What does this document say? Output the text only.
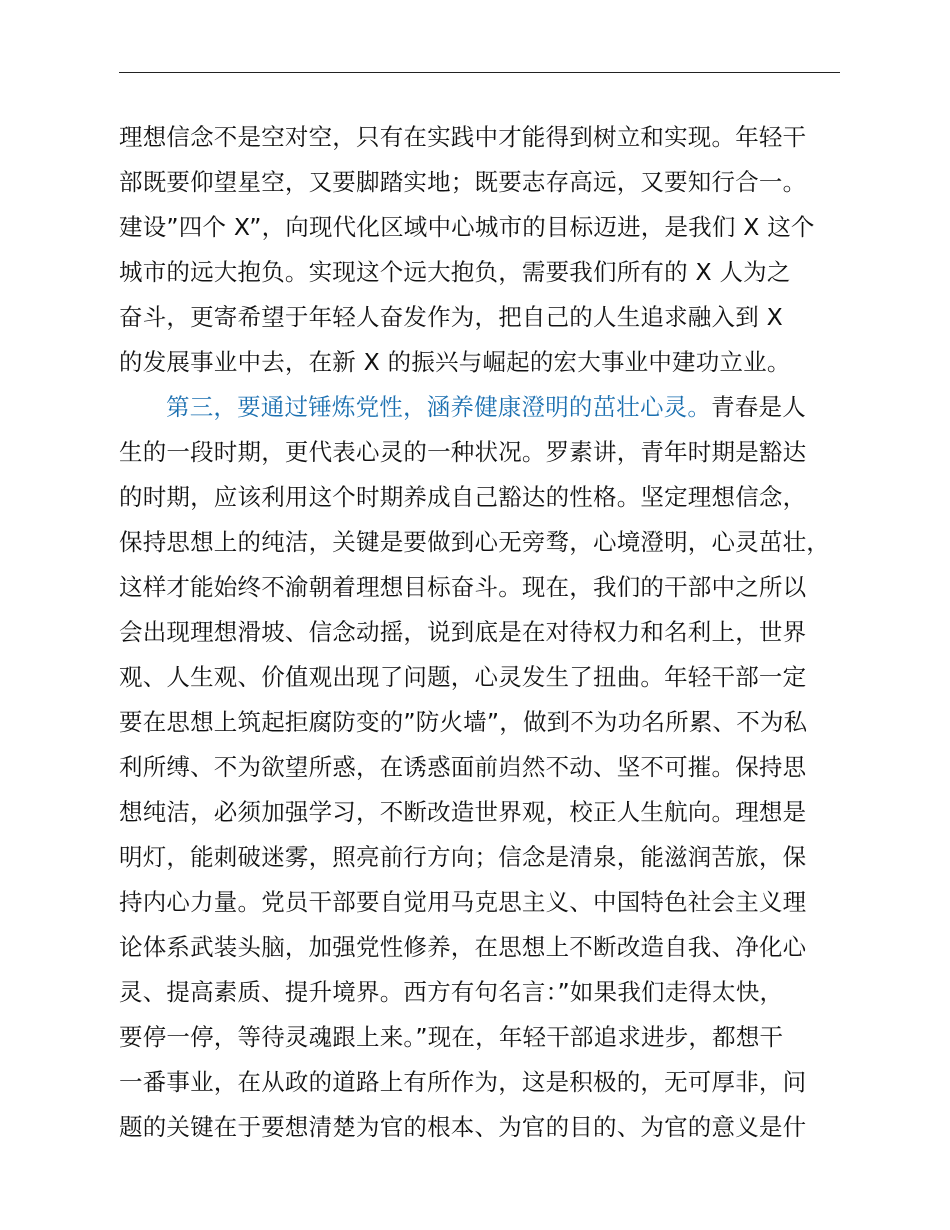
理想信念不是空对空，只有在实践中才能得到树立和实现。年轻干
部既要仰望星空，又要脚踏实地；既要志存高远，又要知行合一。
建设”四个 X”，向现代化区域中心城市的目标迈进，是我们 X 这个
城市的远大抱负。实现这个远大抱负，需要我们所有的 X 人为之
奋斗，更寄希望于年轻人奋发作为，把自己的人生追求融入到 X
的发展事业中去，在新 X 的振兴与崛起的宏大事业中建功立业。
第三，要通过锤炼党性，涵养健康澄明的茁壮心灵。青春是人
生的一段时期，更代表心灵的一种状况。罗素讲，青年时期是豁达
的时期，应该利用这个时期养成自己豁达的性格。坚定理想信念，
保持思想上的纯洁，关键是要做到心无旁骛，心境澄明，心灵茁壮，
这样才能始终不渝朝着理想目标奋斗。现在，我们的干部中之所以
会出现理想滑坡、信念动摇，说到底是在对待权力和名利上，世界
观、人生观、价值观出现了问题，心灵发生了扭曲。年轻干部一定
要在思想上筑起拒腐防变的”防火墙”，做到不为功名所累、不为私
利所缚、不为欲望所惑，在诱惑面前岿然不动、坚不可摧。保持思
想纯洁，必须加强学习，不断改造世界观，校正人生航向。理想是
明灯，能刺破迷雾，照亮前行方向；信念是清泉，能滋润苦旅，保
持内心力量。党员干部要自觉用马克思主义、中国特色社会主义理
论体系武装头脑，加强党性修养，在思想上不断改造自我、净化心
灵、提高素质、提升境界。西方有句名言：”如果我们走得太快，
要停一停，等待灵魂跟上来。”现在，年轻干部追求进步，都想干
一番事业，在从政的道路上有所作为，这是积极的，无可厚非，问
题的关键在于要想清楚为官的根本、为官的目的、为官的意义是什
